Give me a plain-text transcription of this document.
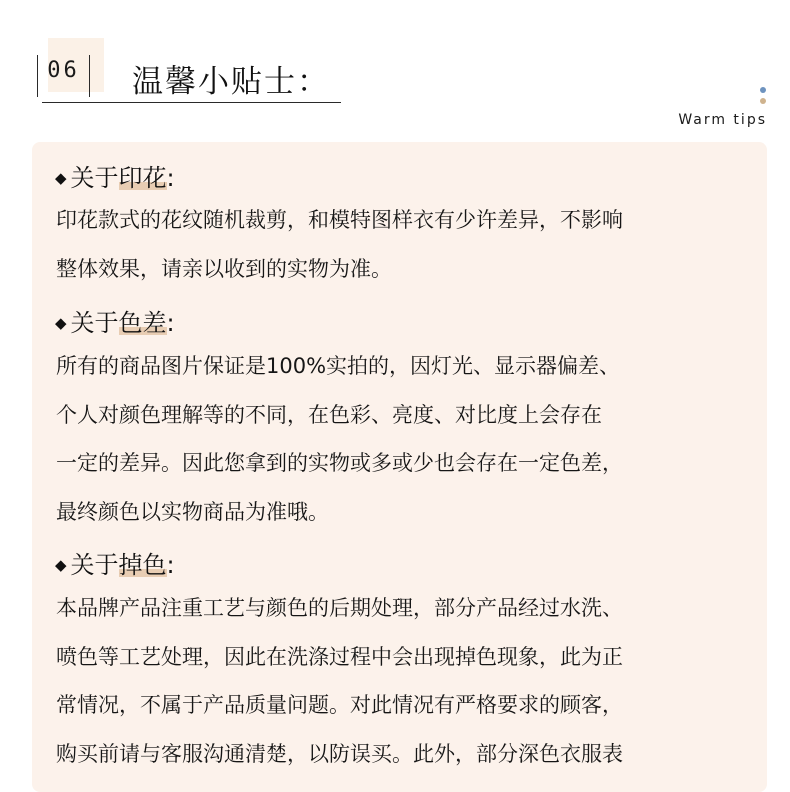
06	温馨小贴士：
Warm tips
◆ 关于印花:
印花款式的花纹随机裁剪，和模特图样衣有少许差异，不影响
整体效果，请亲以收到的实物为准。
◆ 关于色差:
所有的商品图片保证是100%实拍的，因灯光、显示器偏差、
个人对颜色理解等的不同，在色彩、亮度、对比度上会存在
一定的差异。因此您拿到的实物或多或少也会存在一定色差，
最终颜色以实物商品为准哦。
◆ 关于掉色:
本品牌产品注重工艺与颜色的后期处理，部分产品经过水洗、
喷色等工艺处理，因此在洗涤过程中会出现掉色现象，此为正
常情况，不属于产品质量问题。对此情况有严格要求的顾客，
购买前请与客服沟通清楚，以防误买。此外，部分深色衣服表
